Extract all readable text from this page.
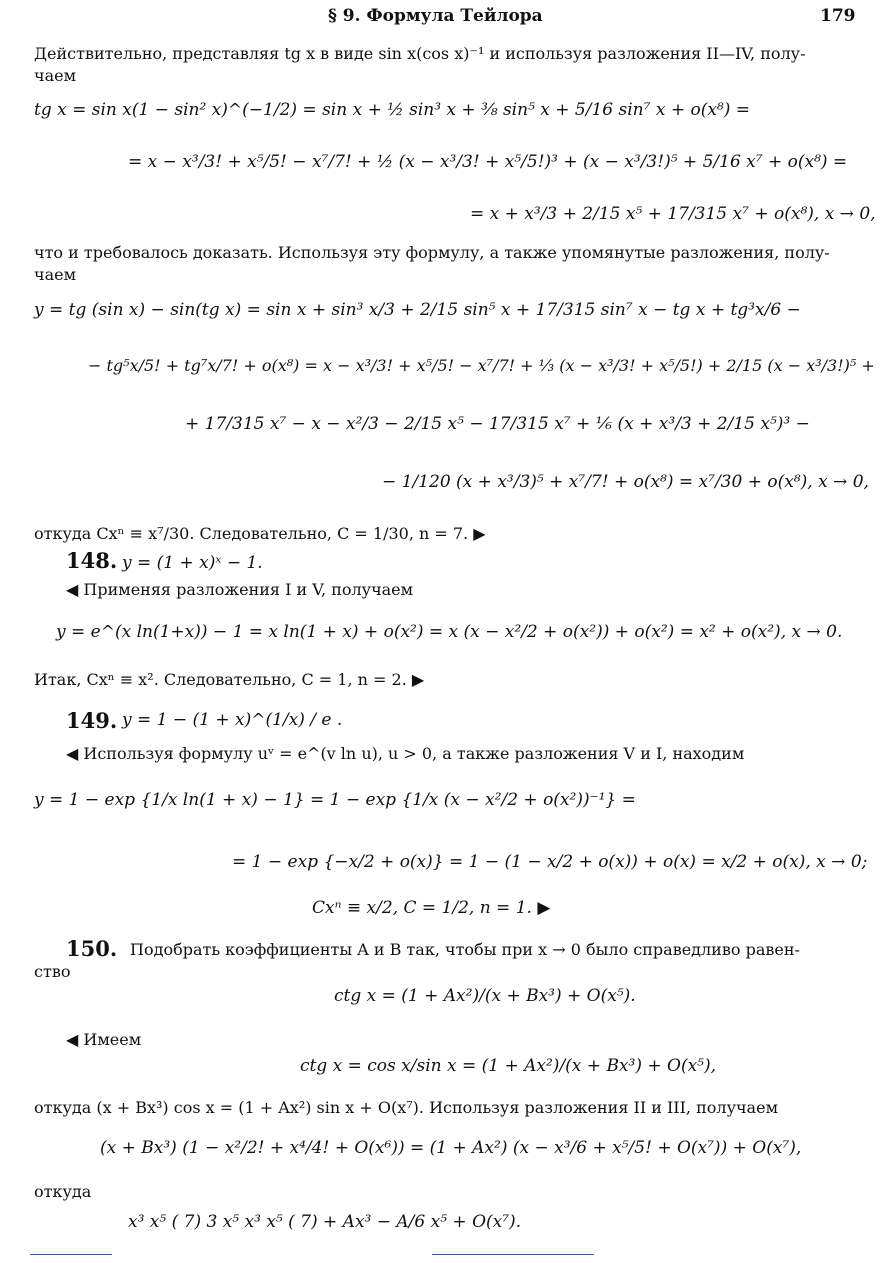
§ 9. Формула Тейлора	179
Действительно, представляя tg x в виде sin x(cos x)⁻¹ и используя разложения II—IV, полу-
чаем
tg x = sin x(1 − sin² x)^(−1/2) = sin x + ½ sin³ x + ⅜ sin⁵ x + 5/16 sin⁷ x + o(x⁸) =
= x − x³/3! + x⁵/5! − x⁷/7! + ½ (x − x³/3! + x⁵/5!)³ + (x − x³/3!)⁵ + 5/16 x⁷ + o(x⁸) =
= x + x³/3 + 2/15 x⁵ + 17/315 x⁷ + o(x⁸), x → 0,
что и требовалось доказать. Используя эту формулу, а также упомянутые разложения, полу-
чаем
y = tg (sin x) − sin(tg x) = sin x + sin³ x/3 + 2/15 sin⁵ x + 17/315 sin⁷ x − tg x + tg³x/6 −
− tg⁵x/5! + tg⁷x/7! + o(x⁸) = x − x³/3! + x⁵/5! − x⁷/7! + ⅓ (x − x³/3! + x⁵/5!) + 2/15 (x − x³/3!)⁵ +
+ 17/315 x⁷ − x − x²/3 − 2/15 x⁵ − 17/315 x⁷ + ⅙ (x + x³/3 + 2/15 x⁵)³ −
− 1/120 (x + x³/3)⁵ + x⁷/7! + o(x⁸) = x⁷/30 + o(x⁸), x → 0,
откуда Cxⁿ ≡ x⁷/30. Следовательно, C = 1/30, n = 7. ▶
148. y = (1 + x)ˣ − 1.
◀ Применяя разложения I и V, получаем
y = e^(x ln(1+x)) − 1 = x ln(1 + x) + o(x²) = x (x − x²/2 + o(x²)) + o(x²) = x² + o(x²), x → 0.
Итак, Cxⁿ ≡ x². Следовательно, C = 1, n = 2. ▶
149. y = 1 − (1 + x)^(1/x) / e .
◀ Используя формулу uᵛ = e^(v ln u), u > 0, а также разложения V и I, находим
y = 1 − exp {1/x ln(1 + x) − 1} = 1 − exp {1/x (x − x²/2 + o(x²))⁻¹} =
= 1 − exp {−x/2 + o(x)} = 1 − (1 − x/2 + o(x)) + o(x) = x/2 + o(x), x → 0;
Cxⁿ ≡ x/2, C = 1/2, n = 1. ▶
150. Подобрать коэффициенты A и B так, чтобы при x → 0 было справедливо равен-
ство
ctg x = (1 + Ax²)/(x + Bx³) + O(x⁵).
◀ Имеем
ctg x = cos x/sin x = (1 + Ax²)/(x + Bx³) + O(x⁵),
откуда (x + Bx³) cos x = (1 + Ax²) sin x + O(x⁷). Используя разложения II и III, получаем
(x + Bx³) (1 − x²/2! + x⁴/4! + O(x⁶)) = (1 + Ax²) (x − x³/6 + x⁵/5! + O(x⁷)) + O(x⁷),
откуда
x³ x⁵ ( 7) 3 x⁵ x³ x⁵ ( 7) + Ax³ − A/6 x⁵ + O(x⁷).
